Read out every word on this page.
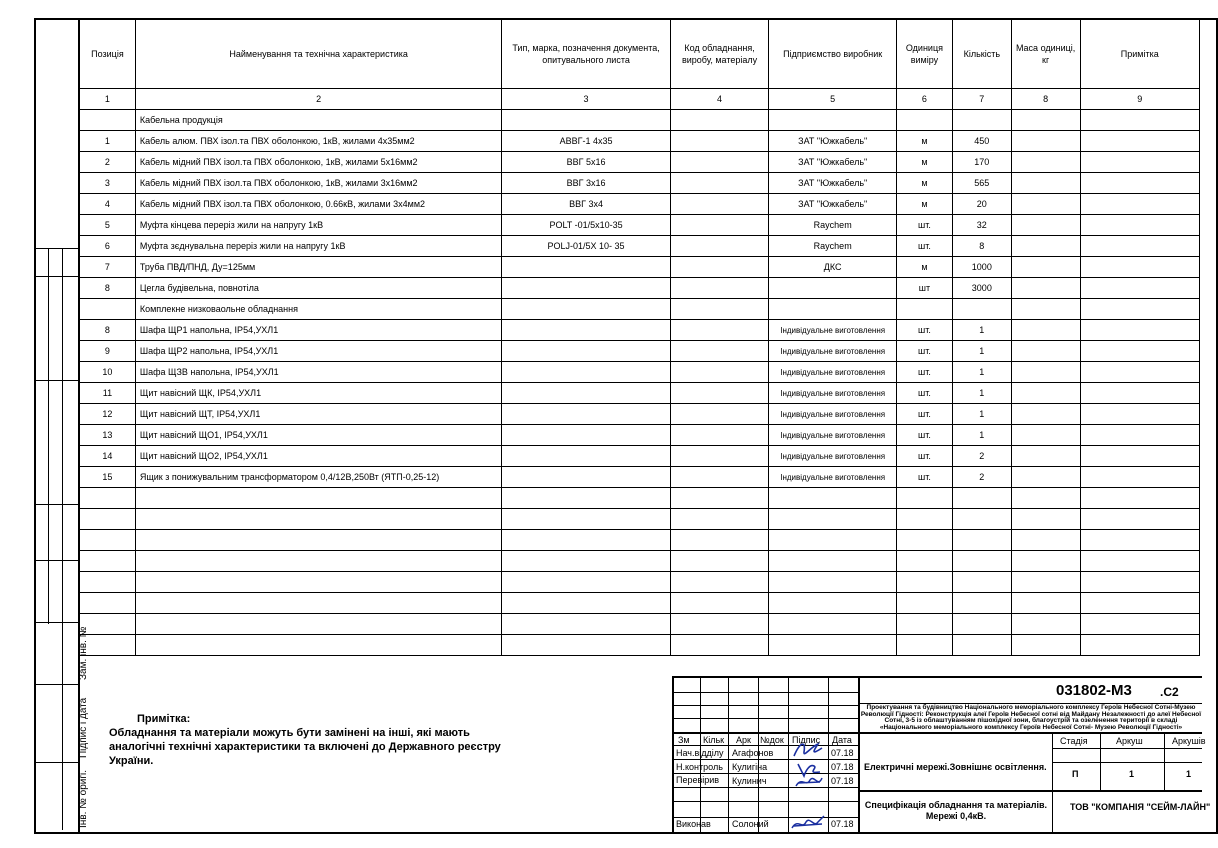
Зам. інв. №
Підпис і дата
Інв. № оригі.
Позиція	Найменування та технічна характеристика	Тип, марка, позначення документа, опитувального листа	Код обладнання, виробу, матеріалу	Підприємство виробник	Одиниця виміру	Кількість	Маса одиниці, кг	Примітка
1	2	3	4	5	6	7	8	9
	Кабельна продукція							
1	Кабель алюм. ПВХ ізол.та ПВХ оболонкою, 1кВ, жилами 4х35мм2	АВВГ-1 4х35		ЗАТ "Южкабель"	м	450		
2	Кабель мідний ПВХ ізол.та ПВХ оболонкою, 1кВ, жилами 5х16мм2	ВВГ 5х16		ЗАТ "Южкабель"	м	170		
3	Кабель мідний ПВХ ізол.та ПВХ оболонкою, 1кВ, жилами 3х16мм2	ВВГ 3х16		ЗАТ "Южкабель"	м	565		
4	Кабель мідний ПВХ ізол.та ПВХ оболонкою, 0.66кВ, жилами 3х4мм2	ВВГ 3х4		ЗАТ "Южкабель"	м	20		
5	Муфта кінцева переріз жили на напругу 1кВ	POLT -01/5х10-35		Raychem	шт.	32		
6	Муфта зєднувальна переріз жили на напругу 1кВ	POLJ-01/5Х 10- 35		Raychem	шт.	8		
7	Труба ПВД/ПНД, Ду=125мм			ДКС	м	1000		
8	Цегла будівельна, повнотіла				шт	3000		
	Комплекне низковаольне обладнання							
8	Шафа ЩР1 напольна, ІР54,УХЛ1			Індивідуальне виготовлення	шт.	1		
9	Шафа ЩР2 напольна, ІР54,УХЛ1			Індивідуальне виготовлення	шт.	1		
10	Шафа ЩЗВ напольна, ІР54,УХЛ1			Індивідуальне виготовлення	шт.	1		
11	Щит навісний ЩК, ІР54,УХЛ1			Індивідуальне виготовлення	шт.	1		
12	Щит навісний ЩТ, ІР54,УХЛ1			Індивідуальне виготовлення	шт.	1		
13	Щит навісний ЩО1, ІР54,УХЛ1			Індивідуальне виготовлення	шт.	1		
14	Щит навісний ЩО2, ІР54,УХЛ1			Індивідуальне виготовлення	шт.	2		
15	Ящик з понижувальним трансформатором 0,4/12В,250Вт (ЯТП-0,25-12)			Індивідуальне виготовлення	шт.	2		

Примітка:
Обладнання та матеріали можуть бути замінені на інші, які мають аналогічні технічні характеристики та включені до Державного реєстру України.
Зм Кільк Арк №док Підпис Дата
Нач.відділу Агафонов	07.18
Н.контроль Кулигіна	07.18
Перевірив Кулинич	07.18
Виконав Солоний	07.18
031802-М3 .С2
Проектування та будівництво Національного меморіального комплексу Героїв Небесної Сотні-Музею Революції Гідності: Реконструкція алеї Героїв Небесної сотні від Майдану Незалежності до алеї Небесної Сотні, 3-5 із облаштуванням пішохідної зони, благоустрій та озеленення території в складі «Національного меморіального комплексу Героїв Небесної Сотні- Музею Революції Гідності»
Електричні мережі.Зовнішнє освітлення.
Стадія	Аркуш	Аркушів
П	1	1
Специфікація обладнання та матеріалів. Мережі 0,4кВ.
ТОВ "КОМПАНІЯ "СЕЙМ-ЛАЙН"
